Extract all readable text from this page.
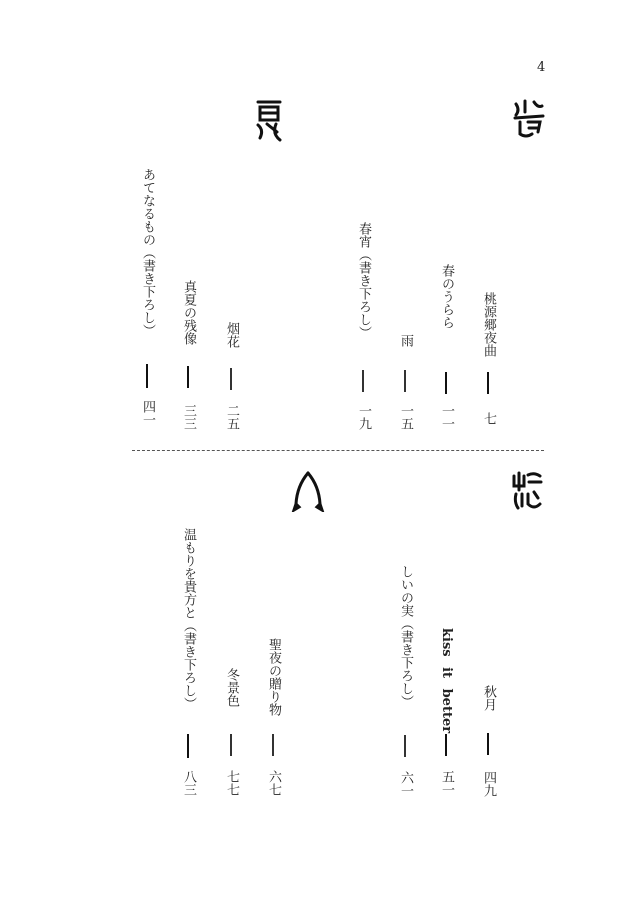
4
桃源郷夜曲
七
春のうらら
一一
雨
一五
春宵（書き下ろし）
一九
烟花
二五
真夏の残像
三三
あてなるもの（書き下ろし）
四一
秋月
四九
kiss it better
五一
しいの実（書き下ろし）
六一
聖夜の贈り物
六七
冬景色
七七
温もりを貴方と（書き下ろし）
八三
